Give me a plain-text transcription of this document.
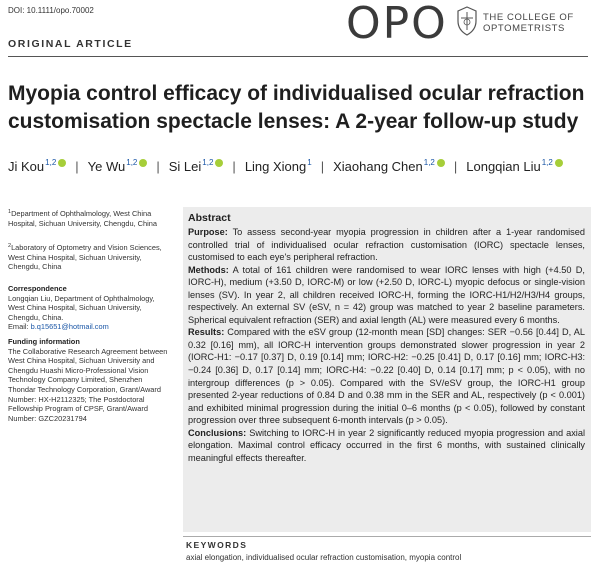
DOI: 10.1111/opo.70002	OPO	THE COLLEGE OF
OPTOMETRISTS
ORIGINAL ARTICLE
Myopia control efficacy of individualised ocular refraction customisation spectacle lenses: A 2-year follow-up study
Ji Kou$^{1,2}$ | Ye Wu$^{1,2}$ | Si Lei$^{1,2}$ | Ling Xiong$^1$ | Xiaohang Chen$^{1,2}$ | Longqian Liu$^{1,2}$
$^1$Department of Ophthalmology, West China Hospital, Sichuan University, Chengdu, China
$^2$Laboratory of Optometry and Vision Sciences, West China Hospital, Sichuan University, Chengdu, China
Correspondence
Longqian Liu, Department of Ophthalmology, West China Hospital, Sichuan University, Chengdu, China.
Email: b.q15651@hotmail.com
Funding information
The Collaborative Research Agreement between West China Hospital, Sichuan University and Chengdu Huashi Micro-Professional Vision Technology Company Limited, Shenzhen Thondar Technology Corporation, Grant/Award Number: HX-H2112325; The Postdoctoral Fellowship Program of CPSF, Grant/Award Number: GZC20231794
Abstract

Purpose: To assess second-year myopia progression in children after a 1-year randomised controlled trial of individualised ocular refraction customisation (IORC) spectacle lenses, customised to each eye's peripheral refraction.

Methods: A total of 161 children were randomised to wear IORC lenses with high (+4.50 D, IORC-H), medium (+3.50 D, IORC-M) or low (+2.50 D, IORC-L) myopic defocus or single-vision lenses (SV). In year 2, all children received IORC-H, forming the IORC-H1/H2/H3/H4 groups, respectively. An external SV (eSV, n = 42) group was matched to year 2 baseline parameters. Spherical equivalent refraction (SER) and axial length (AL) were measured every 6 months.

Results: Compared with the eSV group (12-month mean [SD] changes: SER −0.56 [0.44] D, AL 0.32 [0.16] mm), all IORC-H intervention groups demonstrated slower progression in year 2 (IORC-H1: −0.17 [0.37] D, 0.19 [0.14] mm; IORC-H2: −0.25 [0.41] D, 0.17 [0.16] mm; IORC-H3: −0.24 [0.36] D, 0.17 [0.14] mm; IORC-H4: −0.22 [0.40] D, 0.14 [0.17] mm; p < 0.05), with no intergroup differences (p > 0.05). Compared with the SV/eSV group, the IORC-H1 group presented 2-year reductions of 0.84 D and 0.38 mm in the SER and AL, respectively (p < 0.001) and exhibited minimal progression during the initial 0–6 months (p < 0.05), followed by constant progression over three subsequent 6-month intervals (p > 0.05).

Conclusions: Switching to IORC-H in year 2 significantly reduced myopia progression and axial elongation. Maximal control efficacy occurred in the first 6 months, with sustained clinically meaningful effects thereafter.

KEYWORDS
axial elongation, individualised ocular refraction customisation, myopia control
